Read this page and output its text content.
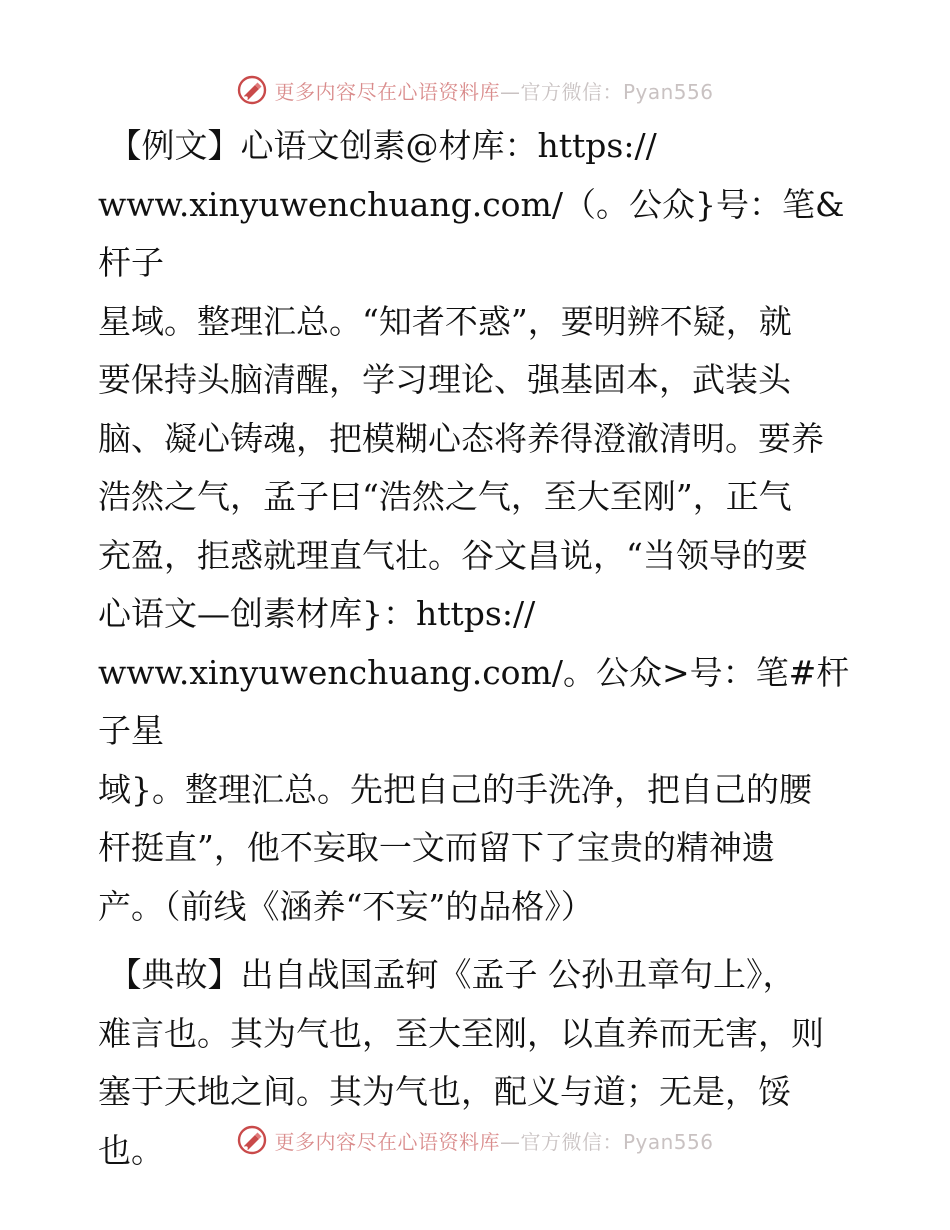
更多内容尽在心语资料库—官方微信：Pyan556

【例文】心语文创素@材库：https://
www.xinyuwenchuang.com/（。公众}号：笔&杆子
星域。整理汇总。“知者不惑”，要明辨不疑，就
要保持头脑清醒，学习理论、强基固本，武装头
脑、凝心铸魂，把模糊心态将养得澄澈清明。要养
浩然之气，孟子曰“浩然之气，至大至刚”，正气
充盈，拒惑就理直气壮。谷文昌说，“当领导的要
心语文—创素材库}：https://
www.xinyuwenchuang.com/。公众>号：笔#杆子星
域}。整理汇总。先把自己的手洗净，把自己的腰
杆挺直”，他不妄取一文而留下了宝贵的精神遗
产。（前线《涵养“不妄”的品格》）

【典故】出自战国孟轲《孟子 公孙丑章句上》，
难言也。其为气也，至大至刚，以直养而无害，则
塞于天地之间。其为气也，配义与道；无是，馁
也。	更多内容尽在心语资料库—官方微信：Pyan556
